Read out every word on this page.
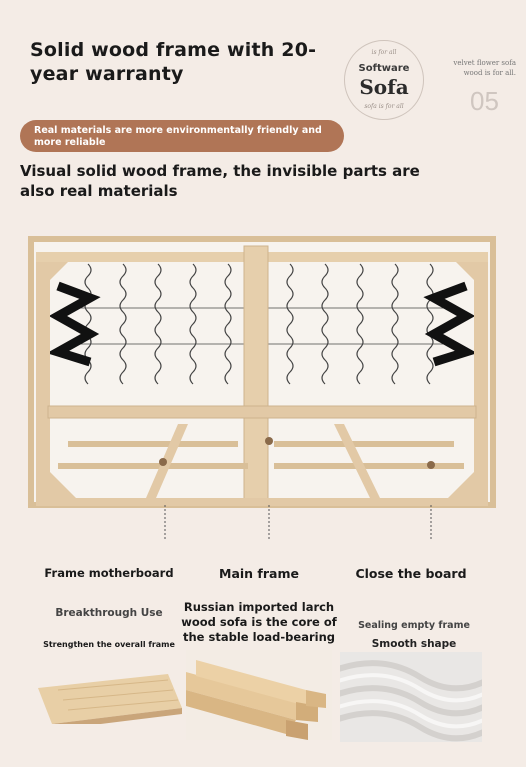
Solid wood frame with 20-year warranty
is for all
Software
Sofa
sofa is for all
velvet flower sofa wood is for all.
05
Real materials are more environmentally friendly and more reliable
Visual solid wood frame, the invisible parts are also real materials
Frame motherboard	Main frame	Close the board
Breakthrough Use
Strengthen the overall frame
Russian imported larch wood sofa is the core of the stable load-bearing
Sealing empty frame
Smooth shape
